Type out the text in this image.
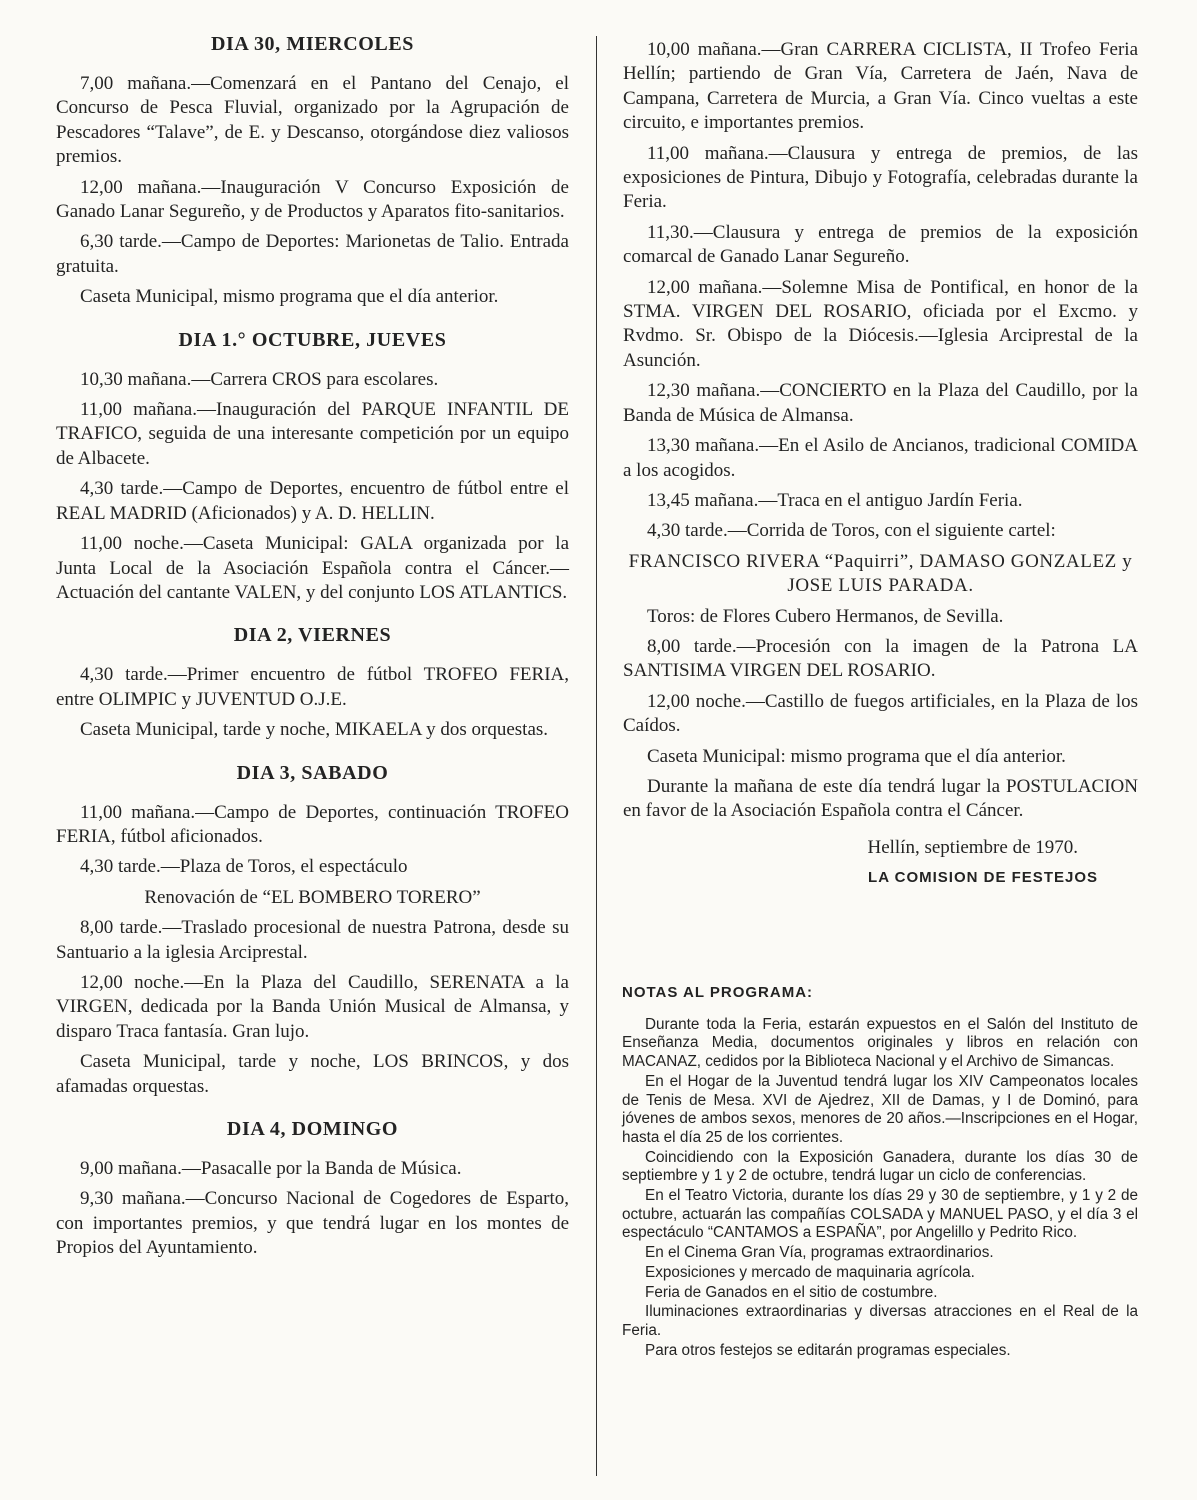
DIA 30, MIERCOLES

7,00 mañana.—Comenzará en el Pantano del Cenajo, el Concurso de Pesca Fluvial, organizado por la Agrupación de Pescadores “Talave”, de E. y Descanso, otorgándose diez valiosos premios.

12,00 mañana.—Inauguración V Concurso Exposición de Ganado Lanar Segureño, y de Productos y Aparatos fito-sanitarios.

6,30 tarde.—Campo de Deportes: Marionetas de Talio. Entrada gratuita.

Caseta Municipal, mismo programa que el día anterior.

DIA 1.° OCTUBRE, JUEVES

10,30 mañana.—Carrera CROS para escolares.

11,00 mañana.—Inauguración del PARQUE INFANTIL DE TRAFICO, seguida de una interesante competición por un equipo de Albacete.

4,30 tarde.—Campo de Deportes, encuentro de fútbol entre el REAL MADRID (Aficionados) y A. D. HELLIN.

11,00 noche.—Caseta Municipal: GALA organizada por la Junta Local de la Asociación Española contra el Cáncer.—Actuación del cantante VALEN, y del conjunto LOS ATLANTICS.

DIA 2, VIERNES

4,30 tarde.—Primer encuentro de fútbol TROFEO FERIA, entre OLIMPIC y JUVENTUD O.J.E.

Caseta Municipal, tarde y noche, MIKAELA y dos orquestas.

DIA 3, SABADO

11,00 mañana.—Campo de Deportes, continuación TROFEO FERIA, fútbol aficionados.

4,30 tarde.—Plaza de Toros, el espectáculo

Renovación de “EL BOMBERO TORERO”

8,00 tarde.—Traslado procesional de nuestra Patrona, desde su Santuario a la iglesia Arciprestal.

12,00 noche.—En la Plaza del Caudillo, SERENATA a la VIRGEN, dedicada por la Banda Unión Musical de Almansa, y disparo Traca fantasía. Gran lujo.

Caseta Municipal, tarde y noche, LOS BRINCOS, y dos afamadas orquestas.

DIA 4, DOMINGO

9,00 mañana.—Pasacalle por la Banda de Música.

9,30 mañana.—Concurso Nacional de Cogedores de Esparto, con importantes premios, y que tendrá lugar en los montes de Propios del Ayuntamiento.

10,00 mañana.—Gran CARRERA CICLISTA, II Trofeo Feria Hellín; partiendo de Gran Vía, Carretera de Jaén, Nava de Campana, Carretera de Murcia, a Gran Vía. Cinco vueltas a este circuito, e importantes premios.

11,00 mañana.—Clausura y entrega de premios, de las exposiciones de Pintura, Dibujo y Fotografía, celebradas durante la Feria.

11,30.—Clausura y entrega de premios de la exposición comarcal de Ganado Lanar Segureño.

12,00 mañana.—Solemne Misa de Pontifical, en honor de la STMA. VIRGEN DEL ROSARIO, oficiada por el Excmo. y Rvdmo. Sr. Obispo de la Diócesis.—Iglesia Arciprestal de la Asunción.

12,30 mañana.—CONCIERTO en la Plaza del Caudillo, por la Banda de Música de Almansa.

13,30 mañana.—En el Asilo de Ancianos, tradicional COMIDA a los acogidos.

13,45 mañana.—Traca en el antiguo Jardín Feria.

4,30 tarde.—Corrida de Toros, con el siguiente cartel:

FRANCISCO RIVERA “Paquirri”, DAMASO GONZALEZ y JOSE LUIS PARADA.

Toros: de Flores Cubero Hermanos, de Sevilla.

8,00 tarde.—Procesión con la imagen de la Patrona LA SANTISIMA VIRGEN DEL ROSARIO.

12,00 noche.—Castillo de fuegos artificiales, en la Plaza de los Caídos.

Caseta Municipal: mismo programa que el día anterior.

Durante la mañana de este día tendrá lugar la POSTULACION en favor de la Asociación Española contra el Cáncer.

Hellín, septiembre de 1970.
LA COMISION DE FESTEJOS
NOTAS AL PROGRAMA:

Durante toda la Feria, estarán expuestos en el Salón del Instituto de Enseñanza Media, documentos originales y libros en relación con MACANAZ, cedidos por la Biblioteca Nacional y el Archivo de Simancas.

En el Hogar de la Juventud tendrá lugar los XIV Campeonatos locales de Tenis de Mesa. XVI de Ajedrez, XII de Damas, y I de Dominó, para jóvenes de ambos sexos, menores de 20 años.—Inscripciones en el Hogar, hasta el día 25 de los corrientes.

Coincidiendo con la Exposición Ganadera, durante los días 30 de septiembre y 1 y 2 de octubre, tendrá lugar un ciclo de conferencias.

En el Teatro Victoria, durante los días 29 y 30 de septiembre, y 1 y 2 de octubre, actuarán las compañías COLSADA y MANUEL PASO, y el día 3 el espectáculo “CANTAMOS a ESPAÑA”, por Angelillo y Pedrito Rico.

En el Cinema Gran Vía, programas extraordinarios.

Exposiciones y mercado de maquinaria agrícola.

Feria de Ganados en el sitio de costumbre.

Iluminaciones extraordinarias y diversas atracciones en el Real de la Feria.

Para otros festejos se editarán programas especiales.
